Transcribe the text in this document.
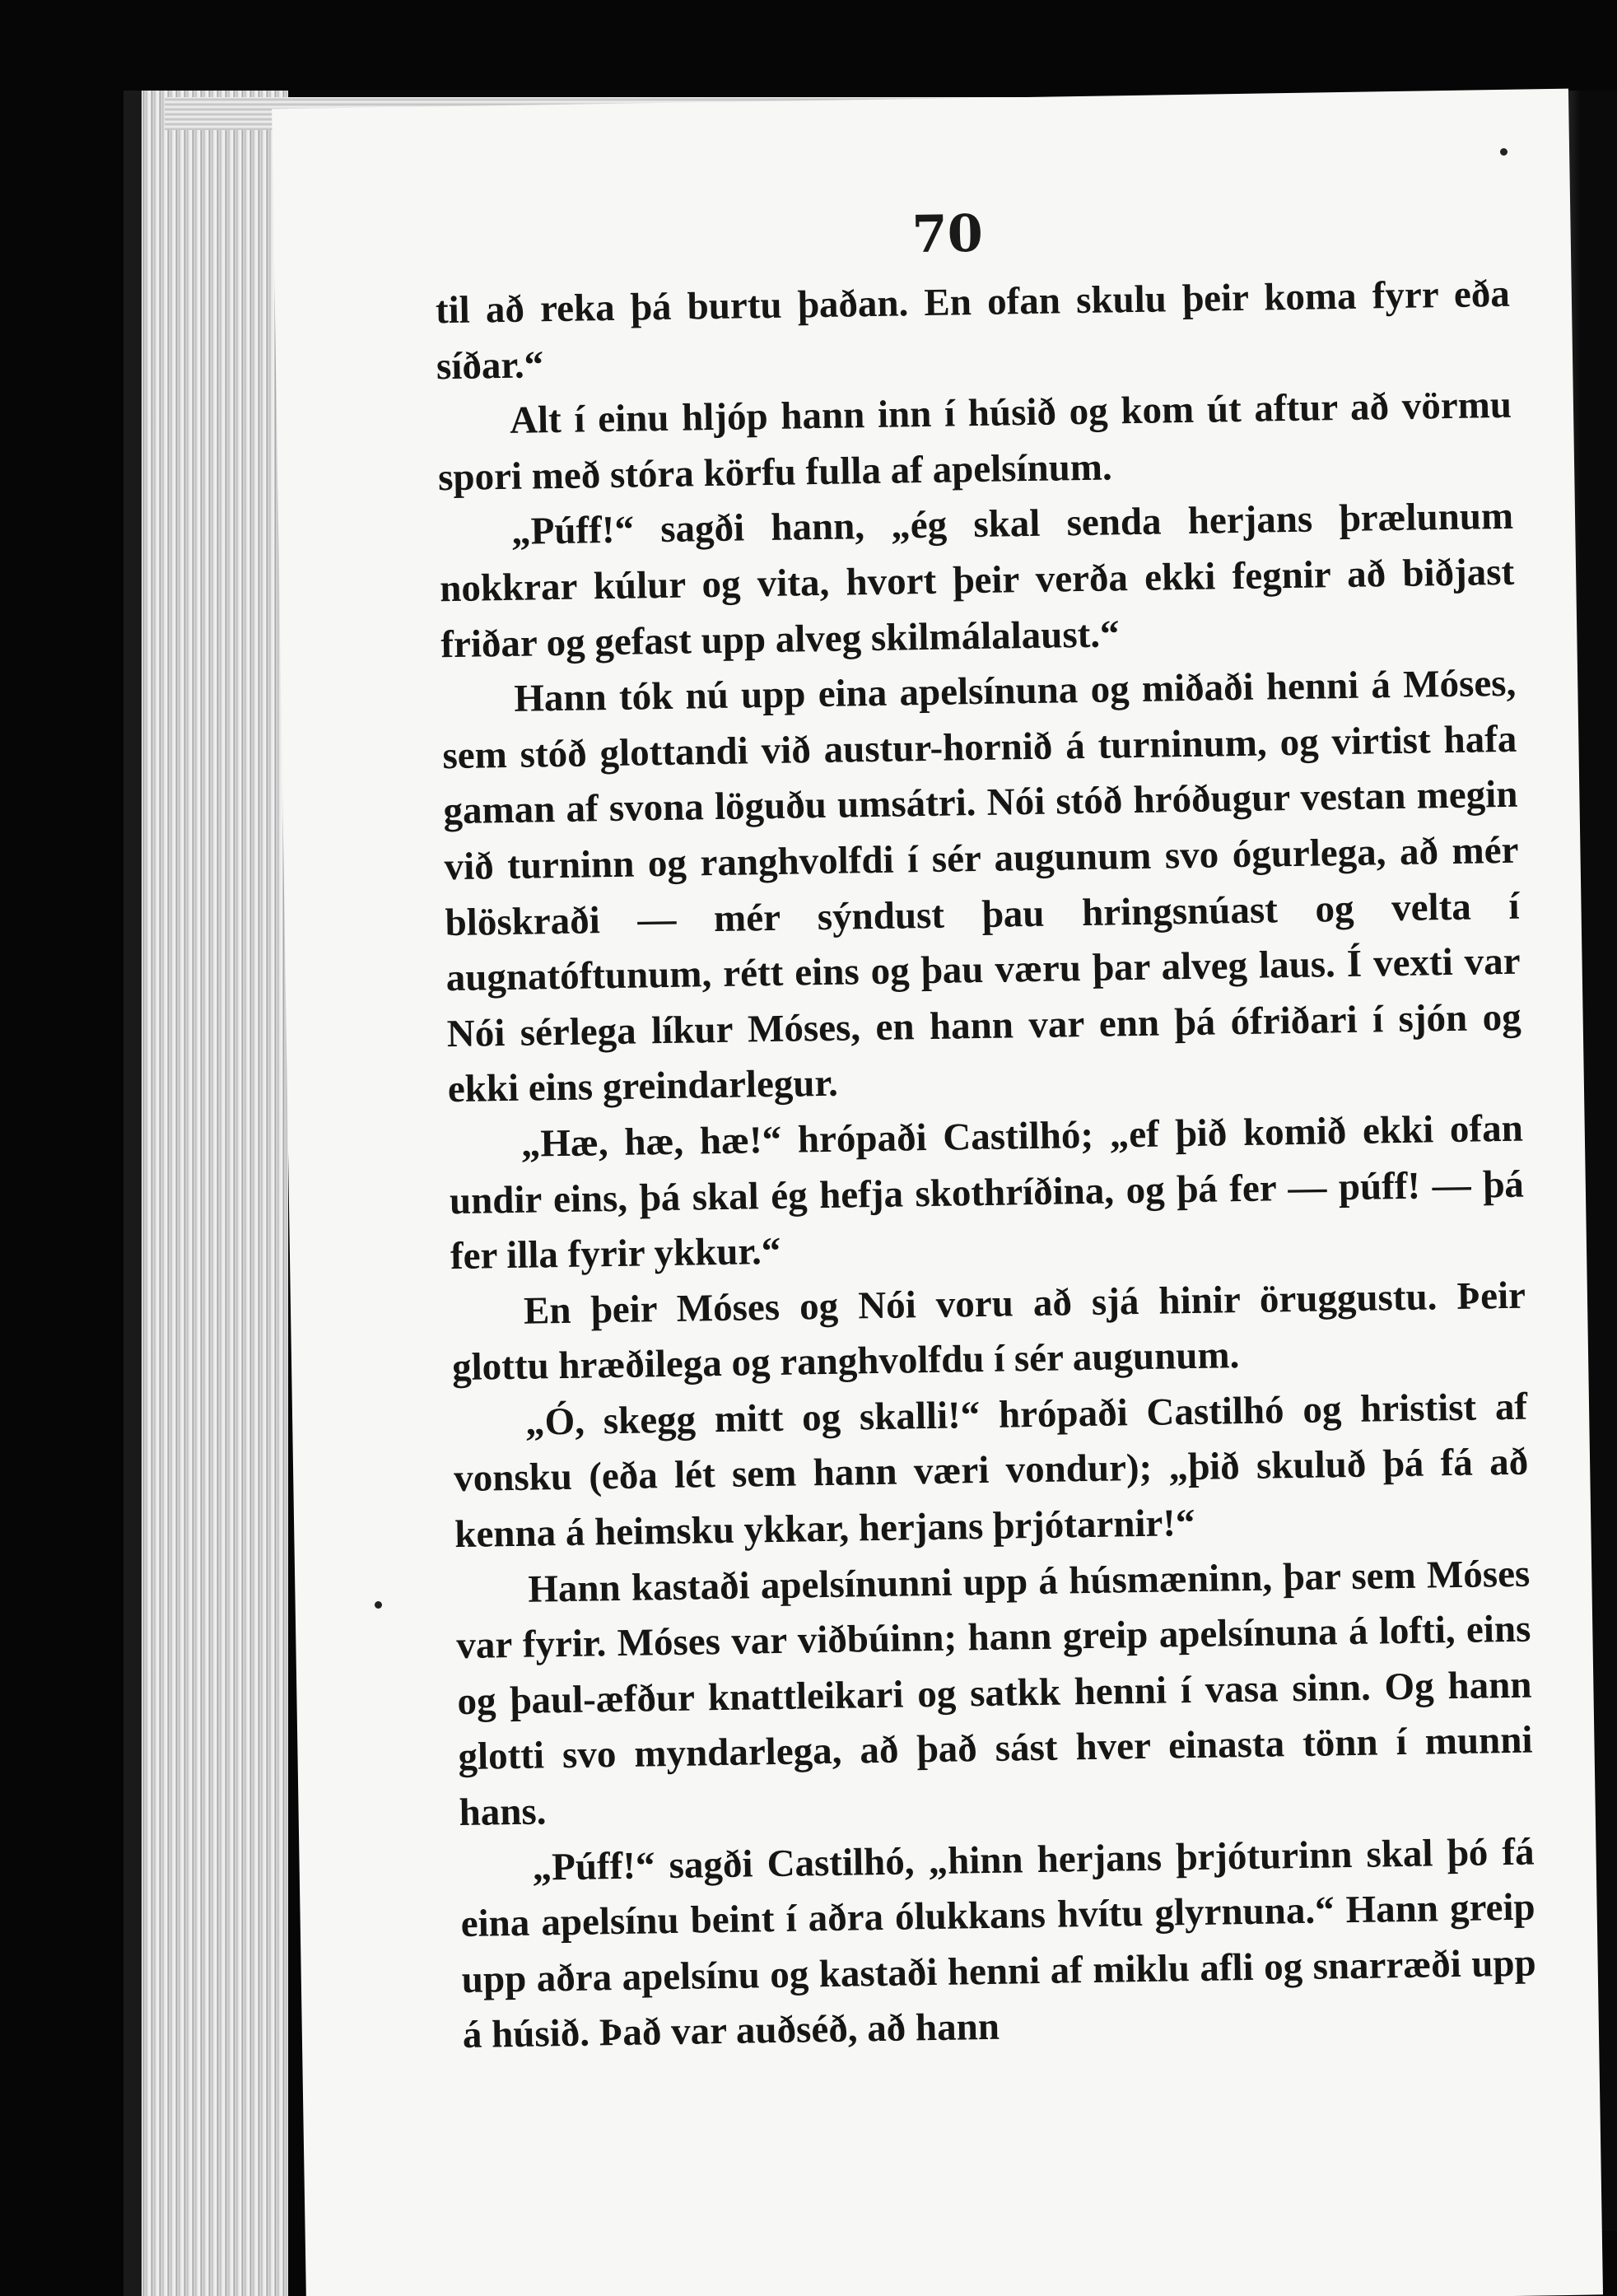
70

til að reka þá burtu þaðan. En ofan skulu þeir koma fyrr eða síðar.“

Alt í einu hljóp hann inn í húsið og kom út aftur að vörmu spori með stóra körfu fulla af apelsínum.

„Púff!“ sagði hann, „ég skal senda herjans þrælunum nokkrar kúlur og vita, hvort þeir verða ekki fegnir að biðjast friðar og gefast upp alveg skilmálalaust.“

Hann tók nú upp eina apelsínuna og miðaði henni á Móses, sem stóð glottandi við austur-hornið á turninum, og virtist hafa gaman af svona löguðu umsátri. Nói stóð hróðugur vestan megin við turninn og ranghvolfdi í sér augunum svo ógurlega, að mér blöskraði — mér sýndust þau hringsnúast og velta í augnatóftunum, rétt eins og þau væru þar alveg laus. Í vexti var Nói sérlega líkur Móses, en hann var enn þá ófriðari í sjón og ekki eins greindarlegur.

„Hæ, hæ, hæ!“ hrópaði Castilhó; „ef þið komið ekki ofan undir eins, þá skal ég hefja skothríðina, og þá fer — púff! — þá fer illa fyrir ykkur.“

En þeir Móses og Nói voru að sjá hinir öruggustu. Þeir glottu hræðilega og ranghvolfdu í sér augunum.

„Ó, skegg mitt og skalli!“ hrópaði Castilhó og hristist af vonsku (eða lét sem hann væri vondur); „þið skuluð þá fá að kenna á heimsku ykkar, herjans þrjótarnir!“

Hann kastaði apelsínunni upp á húsmæninn, þar sem Móses var fyrir. Móses var viðbúinn; hann greip apelsínuna á lofti, eins og þaul-æfður knattleikari og satkk henni í vasa sinn. Og hann glotti svo myndarlega, að það sást hver einasta tönn í munni hans.

„Púff!“ sagði Castilhó, „hinn herjans þrjóturinn skal þó fá eina apelsínu beint í aðra ólukkans hvítu glyrnuna.“ Hann greip upp aðra apelsínu og kastaði henni af miklu afli og snarræði upp á húsið. Það var auðséð, að hann
